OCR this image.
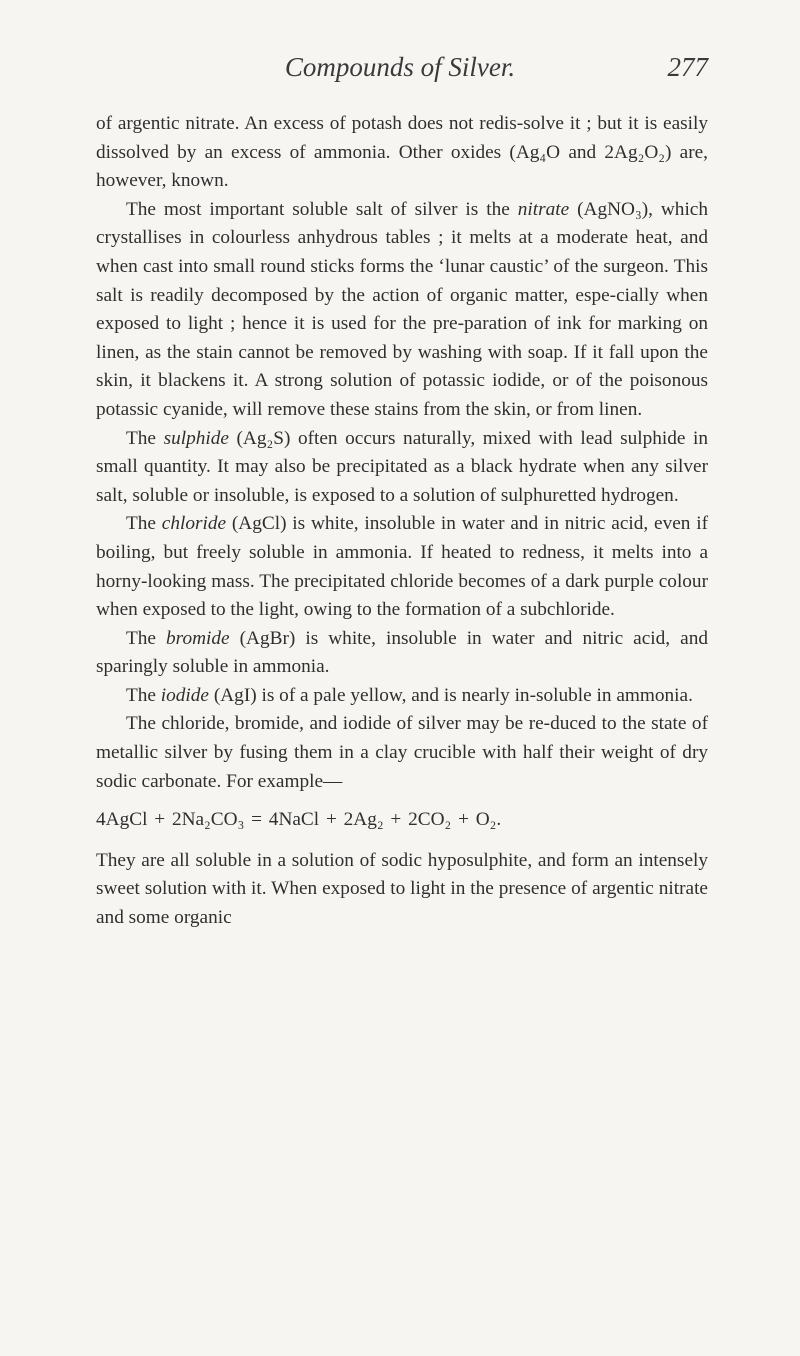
Compounds of Silver.	277

of argentic nitrate. An excess of potash does not redis-solve it ; but it is easily dissolved by an excess of ammonia. Other oxides (Ag₄O and 2Ag₂O₂) are, however, known.

The most important soluble salt of silver is the nitrate (AgNO₃), which crystallises in colourless anhydrous tables ; it melts at a moderate heat, and when cast into small round sticks forms the ‘lunar caustic’ of the surgeon. This salt is readily decomposed by the action of organic matter, espe-cially when exposed to light ; hence it is used for the pre-paration of ink for marking on linen, as the stain cannot be removed by washing with soap. If it fall upon the skin, it blackens it. A strong solution of potassic iodide, or of the poisonous potassic cyanide, will remove these stains from the skin, or from linen.

The sulphide (Ag₂S) often occurs naturally, mixed with lead sulphide in small quantity. It may also be precipitated as a black hydrate when any silver salt, soluble or insoluble, is exposed to a solution of sulphuretted hydrogen.

The chloride (AgCl) is white, insoluble in water and in nitric acid, even if boiling, but freely soluble in ammonia. If heated to redness, it melts into a horny-looking mass. The precipitated chloride becomes of a dark purple colour when exposed to the light, owing to the formation of a subchloride.

The bromide (AgBr) is white, insoluble in water and nitric acid, and sparingly soluble in ammonia.

The iodide (AgI) is of a pale yellow, and is nearly in-soluble in ammonia.

The chloride, bromide, and iodide of silver may be re-duced to the state of metallic silver by fusing them in a clay crucible with half their weight of dry sodic carbonate. For example—

4AgCl + 2Na₂CO₃ = 4NaCl + 2Ag₂ + 2CO₂ + O₂.

They are all soluble in a solution of sodic hyposulphite, and form an intensely sweet solution with it. When exposed to light in the presence of argentic nitrate and some organic
